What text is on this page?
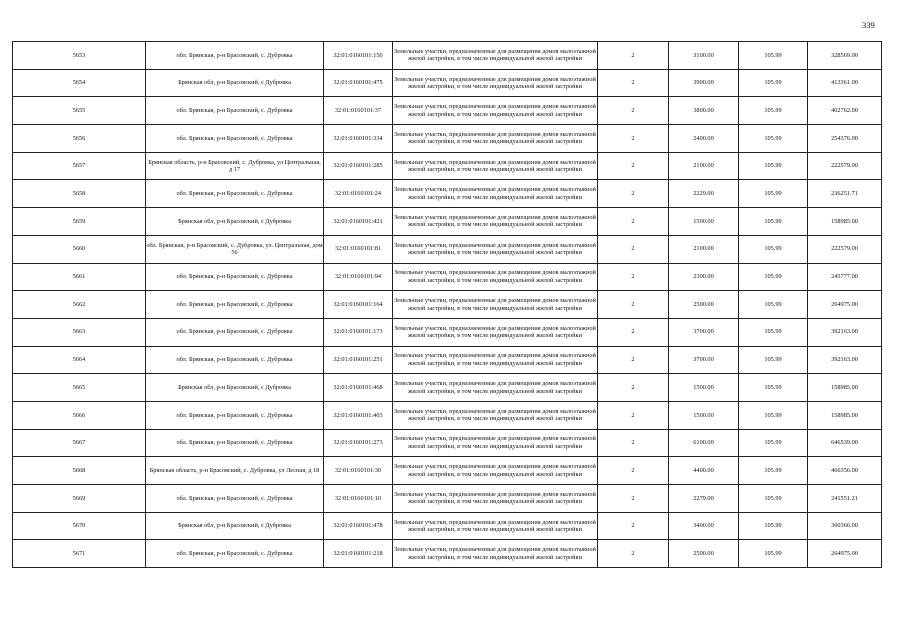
339
5653	обл. Брянская, р-н Брасовский, с. Дубровка	32:01:0160101:150	Земельные участки, предназначенные для размещения домов малоэтажной жилой застройки, в том числе индивидуальной жилой застройки	2	3100.00	105.99	328569.00
5654	Брянская обл, р-н Брасовский, с Дубровка	32:01:0160101:475	Земельные участки, предназначенные для размещения домов малоэтажной жилой застройки, в том числе индивидуальной жилой застройки	2	3900.00	105.99	413361.00
5655	обл. Брянская, р-н Брасовский, с. Дубровка	32:01:0160101:37	Земельные участки, предназначенные для размещения домов малоэтажной жилой застройки, в том числе индивидуальной жилой застройки	2	3800.00	105.99	402762.00
5656	обл. Брянская, р-н Брасовский, с. Дубровка	32:01:0160101:334	Земельные участки, предназначенные для размещения домов малоэтажной жилой застройки, в том числе индивидуальной жилой застройки	2	2400.00	105.99	254376.00
5657	Брянская область, р-н Брасовский, с. Дубровка, ул Центральная, д 17	32:01:0160101:285	Земельные участки, предназначенные для размещения домов малоэтажной жилой застройки, в том числе индивидуальной жилой застройки	2	2100.00	105.99	222579.00
5658	обл. Брянская, р-н Брасовский, с. Дубровка	32:01:0160101:24	Земельные участки, предназначенные для размещения домов малоэтажной жилой застройки, в том числе индивидуальной жилой застройки	2	2229.00	105.99	236251.71
5659	Брянская обл, р-н Брасовский, с Дубровка	32:01:0160101:421	Земельные участки, предназначенные для размещения домов малоэтажной жилой застройки, в том числе индивидуальной жилой застройки	2	1500.00	105.99	158985.00
5660	обл. Брянская, р-н Брасовский, с. Дубровка, ул. Центральная, дом 56	32:01:0160101:81	Земельные участки, предназначенные для размещения домов малоэтажной жилой застройки, в том числе индивидуальной жилой застройки	2	2100.00	105.99	222579.00
5661	обл. Брянская, р-н Брасовский, с. Дубровка	32:01:0160101:94	Земельные участки, предназначенные для размещения домов малоэтажной жилой застройки, в том числе индивидуальной жилой застройки	2	2300.00	105.99	243777.00
5662	обл. Брянская, р-н Брасовский, с. Дубровка	32:01:0160101:164	Земельные участки, предназначенные для размещения домов малоэтажной жилой застройки, в том числе индивидуальной жилой застройки	2	2500.00	105.99	264975.00
5663	обл. Брянская, р-н Брасовский, с. Дубровка	32:01:0160101:173	Земельные участки, предназначенные для размещения домов малоэтажной жилой застройки, в том числе индивидуальной жилой застройки	2	3700.00	105.99	392163.00
5664	обл. Брянская, р-н Брасовский, с. Дубровка	32:01:0160101:251	Земельные участки, предназначенные для размещения домов малоэтажной жилой застройки, в том числе индивидуальной жилой застройки	2	3700.00	105.99	392163.00
5665	Брянская обл, р-н Брасовский, с Дубровка	32:01:0160101:468	Земельные участки, предназначенные для размещения домов малоэтажной жилой застройки, в том числе индивидуальной жилой застройки	2	1500.00	105.99	158985.00
5666	обл. Брянская, р-н Брасовский, с. Дубровка	32:01:0160101:403	Земельные участки, предназначенные для размещения домов малоэтажной жилой застройки, в том числе индивидуальной жилой застройки	2	1500.00	105.99	158985.00
5667	обл. Брянская, р-н Брасовский, с. Дубровка	32:01:0160101:273	Земельные участки, предназначенные для размещения домов малоэтажной жилой застройки, в том числе индивидуальной жилой застройки	2	6100.00	105.99	646539.00
5668	Брянская область, р-н Брасовский, с. Дубровка, ул Лесная, д 18	32:01:0160101:30	Земельные участки, предназначенные для размещения домов малоэтажной жилой застройки, в том числе индивидуальной жилой застройки	2	4400.00	105.99	466356.00
5669	обл. Брянская, р-н Брасовский, с. Дубровка	32:01:0160101:10	Земельные участки, предназначенные для размещения домов малоэтажной жилой застройки, в том числе индивидуальной жилой застройки	2	2279.00	105.99	241551.21
5670	Брянская обл, р-н Брасовский, с Дубровка	32:01:0160101:478	Земельные участки, предназначенные для размещения домов малоэтажной жилой застройки, в том числе индивидуальной жилой застройки	2	3400.00	105.99	360366.00
5671	обл. Брянская, р-н Брасовский, с. Дубровка	32:01:0160101:218	Земельные участки, предназначенные для размещения домов малоэтажной жилой застройки, в том числе индивидуальной жилой застройки	2	2500.00	105.99	264975.00
